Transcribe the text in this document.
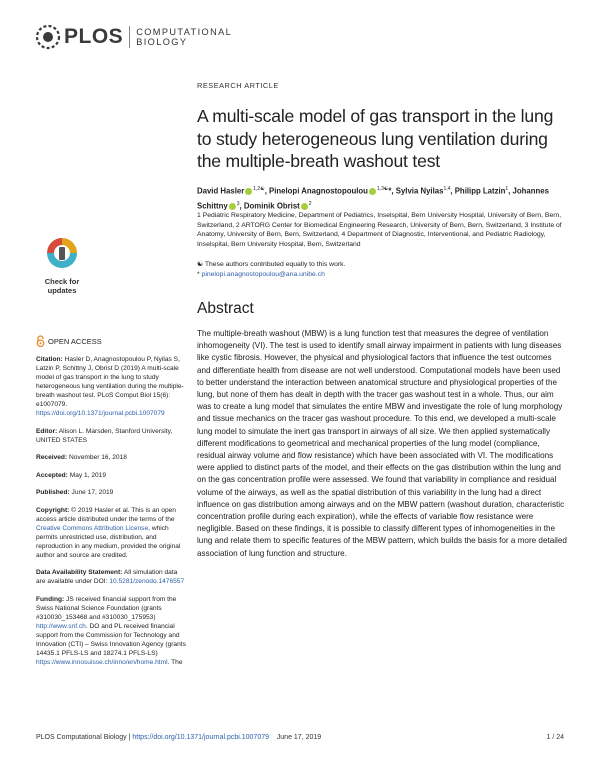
PLOS COMPUTATIONAL
BIOLOGY
Check for
updates
OPEN ACCESS
Citation: Hasler D, Anagnostopoulou P, Nyilas S, Latzin P, Schittny J, Obrist D (2019) A multi-scale model of gas transport in the lung to study heterogeneous lung ventilation during the multiple-breath washout test. PLoS Comput Biol 15(6): e1007079. https://doi.org/10.1371/journal.pcbi.1007079
Editor: Alison L. Marsden, Stanford University, UNITED STATES
Received: November 16, 2018
Accepted: May 1, 2019
Published: June 17, 2019
Copyright: © 2019 Hasler et al. This is an open access article distributed under the terms of the Creative Commons Attribution License, which permits unrestricted use, distribution, and reproduction in any medium, provided the original author and source are credited.
Data Availability Statement: All simulation data are available under DOI: 10.5281/zenodo.1476557
Funding: JS received financial support from the Swiss National Science Foundation (grants #310030_153468 and #310030_175953) http://www.snf.ch. DO and PL received financial support from the Commission for Technology and Innovation (CTI) – Swiss Innovation Agency (grants 14435.1 PFLS-LS and 18274.1 PFLS-LS) https://www.innosuisse.ch/inno/en/home.html. The
RESEARCH ARTICLE
A multi-scale model of gas transport in the lung to study heterogeneous lung ventilation during the multiple-breath washout test
David Hasler $^{1,2☯}$, Pinelopi Anagnostopoulou $^{1,3☯}$*, Sylvia Nyilas$^{1,4}$, Philipp Latzin$^1$, Johannes Schittny $^3$, Dominik Obrist $^2$
1 Pediatric Respiratory Medicine, Department of Pediatrics, Inselspital, Bern University Hospital, University of Bern, Bern, Switzerland, 2 ARTORG Center for Biomedical Engineering Research, University of Bern, Bern, Switzerland, 3 Institute of Anatomy, University of Bern, Bern, Switzerland, 4 Department of Diagnostic, Interventional, and Pediatric Radiology, Inselspital, Bern University Hospital, Bern, Switzerland
☯ These authors contributed equally to this work.
* pinelopi.anagnostopoulou@ana.unibe.ch
Abstract
The multiple-breath washout (MBW) is a lung function test that measures the degree of ventilation inhomogeneity (VI). The test is used to identify small airway impairment in patients with lung diseases like cystic fibrosis. However, the physical and physiological factors that influence the test outcomes and differentiate health from disease are not well understood. Computational models have been used to better understand the interaction between anatomical structure and physiological properties of the lung, but none of them has dealt in depth with the tracer gas washout test in a whole. Thus, our aim was to create a lung model that simulates the entire MBW and investigate the role of lung morphology and tissue mechanics on the tracer gas washout procedure. To this end, we developed a multi-scale lung model to simulate the inert gas transport in airways of all size. We then applied systematically different modifications to geometrical and mechanical properties of the lung model (compliance, residual airway volume and flow resistance) which have been associated with VI. The modifications were applied to distinct parts of the model, and their effects on the gas distribution within the lung and on the gas concentration profile were assessed. We found that variability in compliance and residual volume of the airways, as well as the spatial distribution of this variability in the lung had a direct influence on gas distribution among airways and on the MBW pattern (washout duration, characteristic concentration profile during each expiration), while the effects of variable flow resistance were negligible. Based on these findings, it is possible to classify different types of inhomogeneities in the lung and relate them to specific features of the MBW pattern, which builds the basis for a more detailed association of lung function and structure.
PLOS Computational Biology | https://doi.org/10.1371/journal.pcbi.1007079 June 17, 2019	1 / 24
